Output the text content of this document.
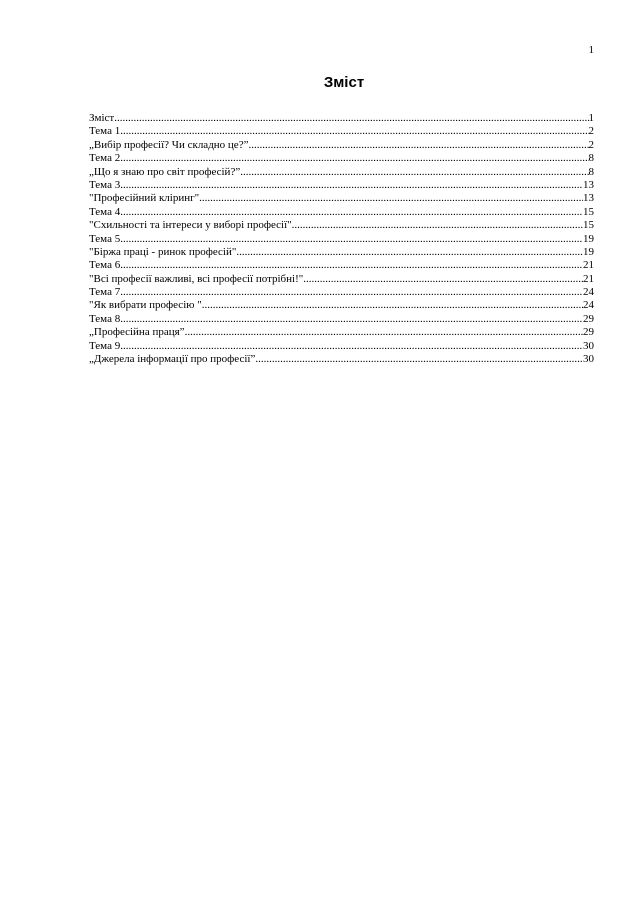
1
Зміст
Зміст .....	1
Тема 1 .....	2
„Вибір професії? Чи складно це?” .....	2
Тема 2 .....	8
„Що я знаю про світ професій?” .....	8
Тема 3 .....	13
"Професійний кліринг" .....	13
Тема 4 .....	15
"Схильності та інтереси у виборі професії" .....	15
Тема 5 .....	19
"Біржа праці - ринок професій" .....	19
Тема 6 .....	21
"Всі професії важливі, всі професії потрібні!" .....	21
Тема 7 .....	24
"Як вибрати професію " .....	24
Тема 8 .....	29
„Професійна праця” .....	29
Тема 9 .....	30
„Джерела інформації про професії” .....	30
